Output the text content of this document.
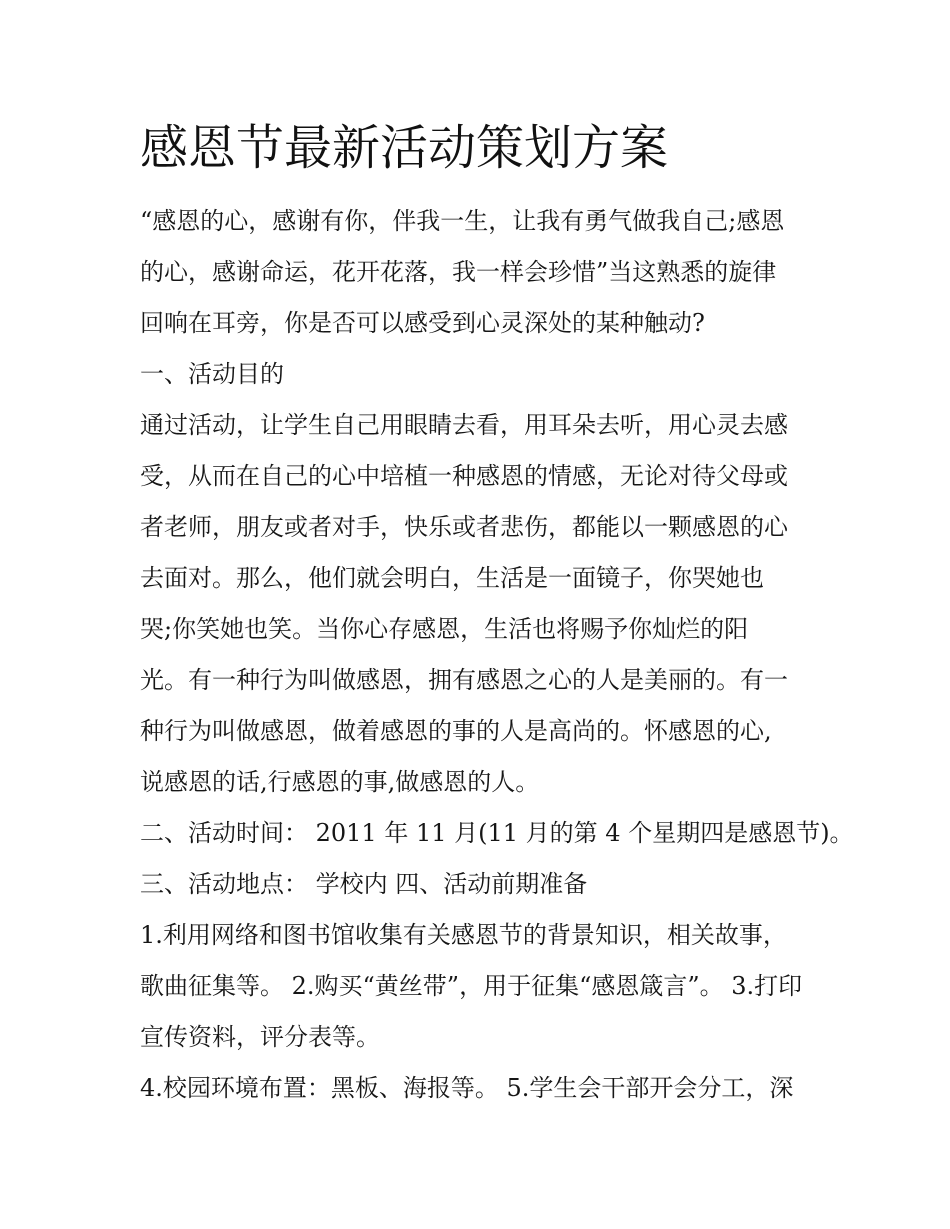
感恩节最新活动策划方案

“感恩的心，感谢有你，伴我一生，让我有勇气做我自己;感恩

的心，感谢命运，花开花落，我一样会珍惜”当这熟悉的旋律

回响在耳旁，你是否可以感受到心灵深处的某种触动?

一、活动目的

通过活动，让学生自己用眼睛去看，用耳朵去听，用心灵去感

受，从而在自己的心中培植一种感恩的情感，无论对待父母或

者老师，朋友或者对手，快乐或者悲伤，都能以一颗感恩的心

去面对。那么，他们就会明白，生活是一面镜子，你哭她也

哭;你笑她也笑。当你心存感恩，生活也将赐予你灿烂的阳

光。有一种行为叫做感恩，拥有感恩之心的人是美丽的。有一

种行为叫做感恩，做着感恩的事的人是高尚的。怀感恩的心,

说感恩的话,行感恩的事,做感恩的人。

二、活动时间： 2011 年 11 月(11 月的第 4 个星期四是感恩节)。

三、活动地点： 学校内 四、活动前期准备

1.利用网络和图书馆收集有关感恩节的背景知识，相关故事，

歌曲征集等。 2.购买“黄丝带”，用于征集“感恩箴言”。 3.打印

宣传资料，评分表等。

4.校园环境布置：黑板、海报等。 5.学生会干部开会分工，深
